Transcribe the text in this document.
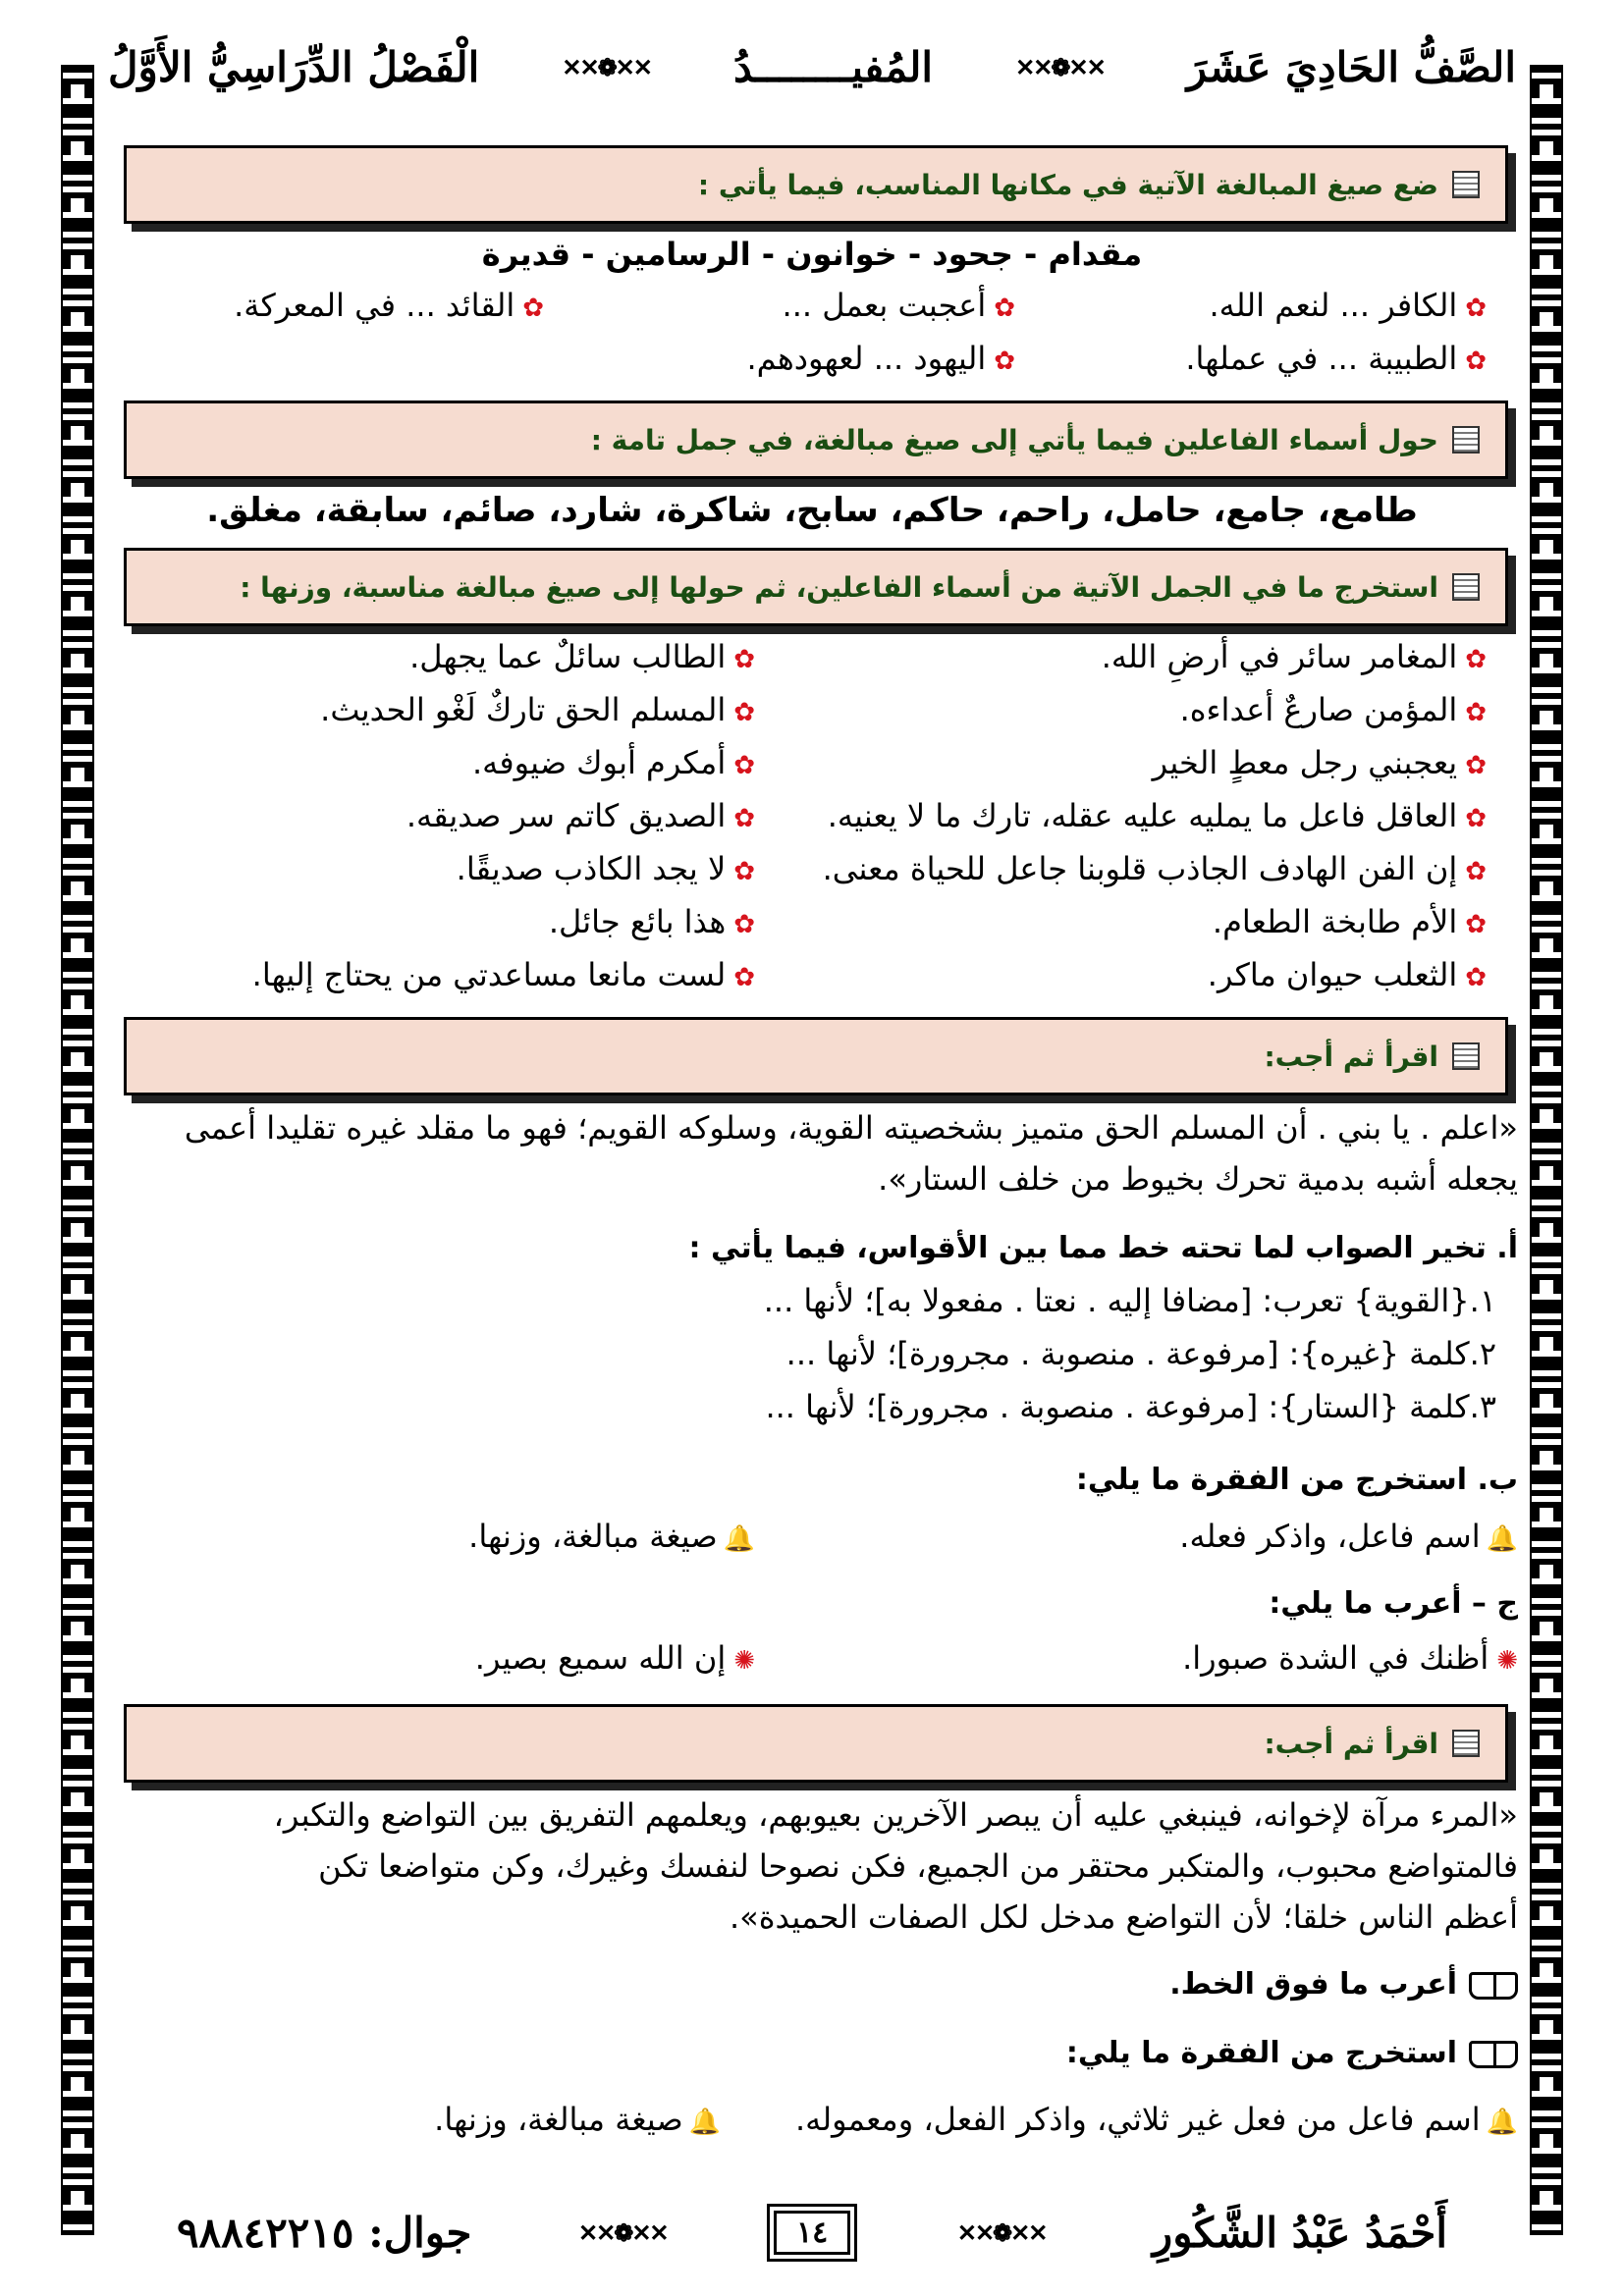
الصَّفُّ الحَادِيَ عَشَرَ
✕✕❁✕✕
المُفيــــــــدُ
✕✕❁✕✕
الْفَصْلُ الدِّرَاسِيُّ الأَوَّلُ
ضع صيغ المبالغة الآتية في مكانها المناسب، فيما يأتي :
مقدام - جحود - خوانون - الرسامين - قديرة
✿الكافر ... لنعم الله.
✿أعجبت بعمل ...
✿القائد ... في المعركة.
✿الطبيبة ... في عملها.
✿اليهود ... لعهودهم.
حول أسماء الفاعلين فيما يأتي إلى صيغ مبالغة، في جمل تامة :
طامع، جامع، حامل، راحم، حاكم، سابح، شاكرة، شارد، صائم، سابقة، مغلق.
استخرج ما في الجمل الآتية من أسماء الفاعلين، ثم حولها إلى صيغ مبالغة مناسبة، وزنها :
✿المغامر سائر في أرضِ الله.
✿المؤمن صارعٌ أعداءه.
✿يعجبني رجل معطٍ الخير
✿العاقل فاعل ما يمليه عليه عقله، تارك ما لا يعنيه.
✿إن الفن الهادف الجاذب قلوبنا جاعل للحياة معنى.
✿الأم طابخة الطعام.
✿الثعلب حيوان ماكر.
✿الطالب سائلٌ عما يجهل.
✿المسلم الحق تاركٌ لَغْو الحديث.
✿أمكرم أبوك ضيوفه.
✿الصديق كاتم سر صديقه.
✿لا يجد الكاذب صديقًا.
✿هذا بائع جائل.
✿لست مانعا مساعدتي من يحتاج إليها.
اقرأ ثم أجب:
«اعلم . يا بني . أن المسلم الحق متميز بشخصيته القوية، وسلوكه القويم؛ فهو ما مقلد غيره تقليدا أعمى
يجعله أشبه بدمية تحرك بخيوط من خلف الستار».
أ. تخير الصواب لما تحته خط مما بين الأقواس، فيما يأتي :
١.{القوية} تعرب: [مضافا إليه . نعتا . مفعولا به]؛ لأنها ...
٢.كلمة {غيره}: [مرفوعة . منصوبة . مجرورة]؛ لأنها ...
٣.كلمة {الستار}: [مرفوعة . منصوبة . مجرورة]؛ لأنها ...
ب. استخرج من الفقرة ما يلي:
🔔اسم فاعل، واذكر فعله.
🔔صيغة مبالغة، وزنها.
ج – أعرب ما يلي:
✺أظنك في الشدة صبورا.
✺إن الله سميع بصير.
اقرأ ثم أجب:
«المرء مرآة لإخوانه، فينبغي عليه أن يبصر الآخرين بعيوبهم، ويعلمهم التفريق بين التواضع والتكبر،
فالمتواضع محبوب، والمتكبر محتقر من الجميع، فكن نصوحا لنفسك وغيرك، وكن متواضعا تكن
أعظم الناس خلقا؛ لأن التواضع مدخل لكل الصفات الحميدة».
أعرب ما فوق الخط.
استخرج من الفقرة ما يلي:
🔔اسم فاعل من فعل غير ثلاثي، واذكر الفعل، ومعموله.
🔔صيغة مبالغة، وزنها.
أَحْمَدُ عَبْدُ الشَّكُورِ
✕✕❁✕✕
١٤
✕✕❁✕✕
جوال: ٩٨٨٤٢٢١٥
